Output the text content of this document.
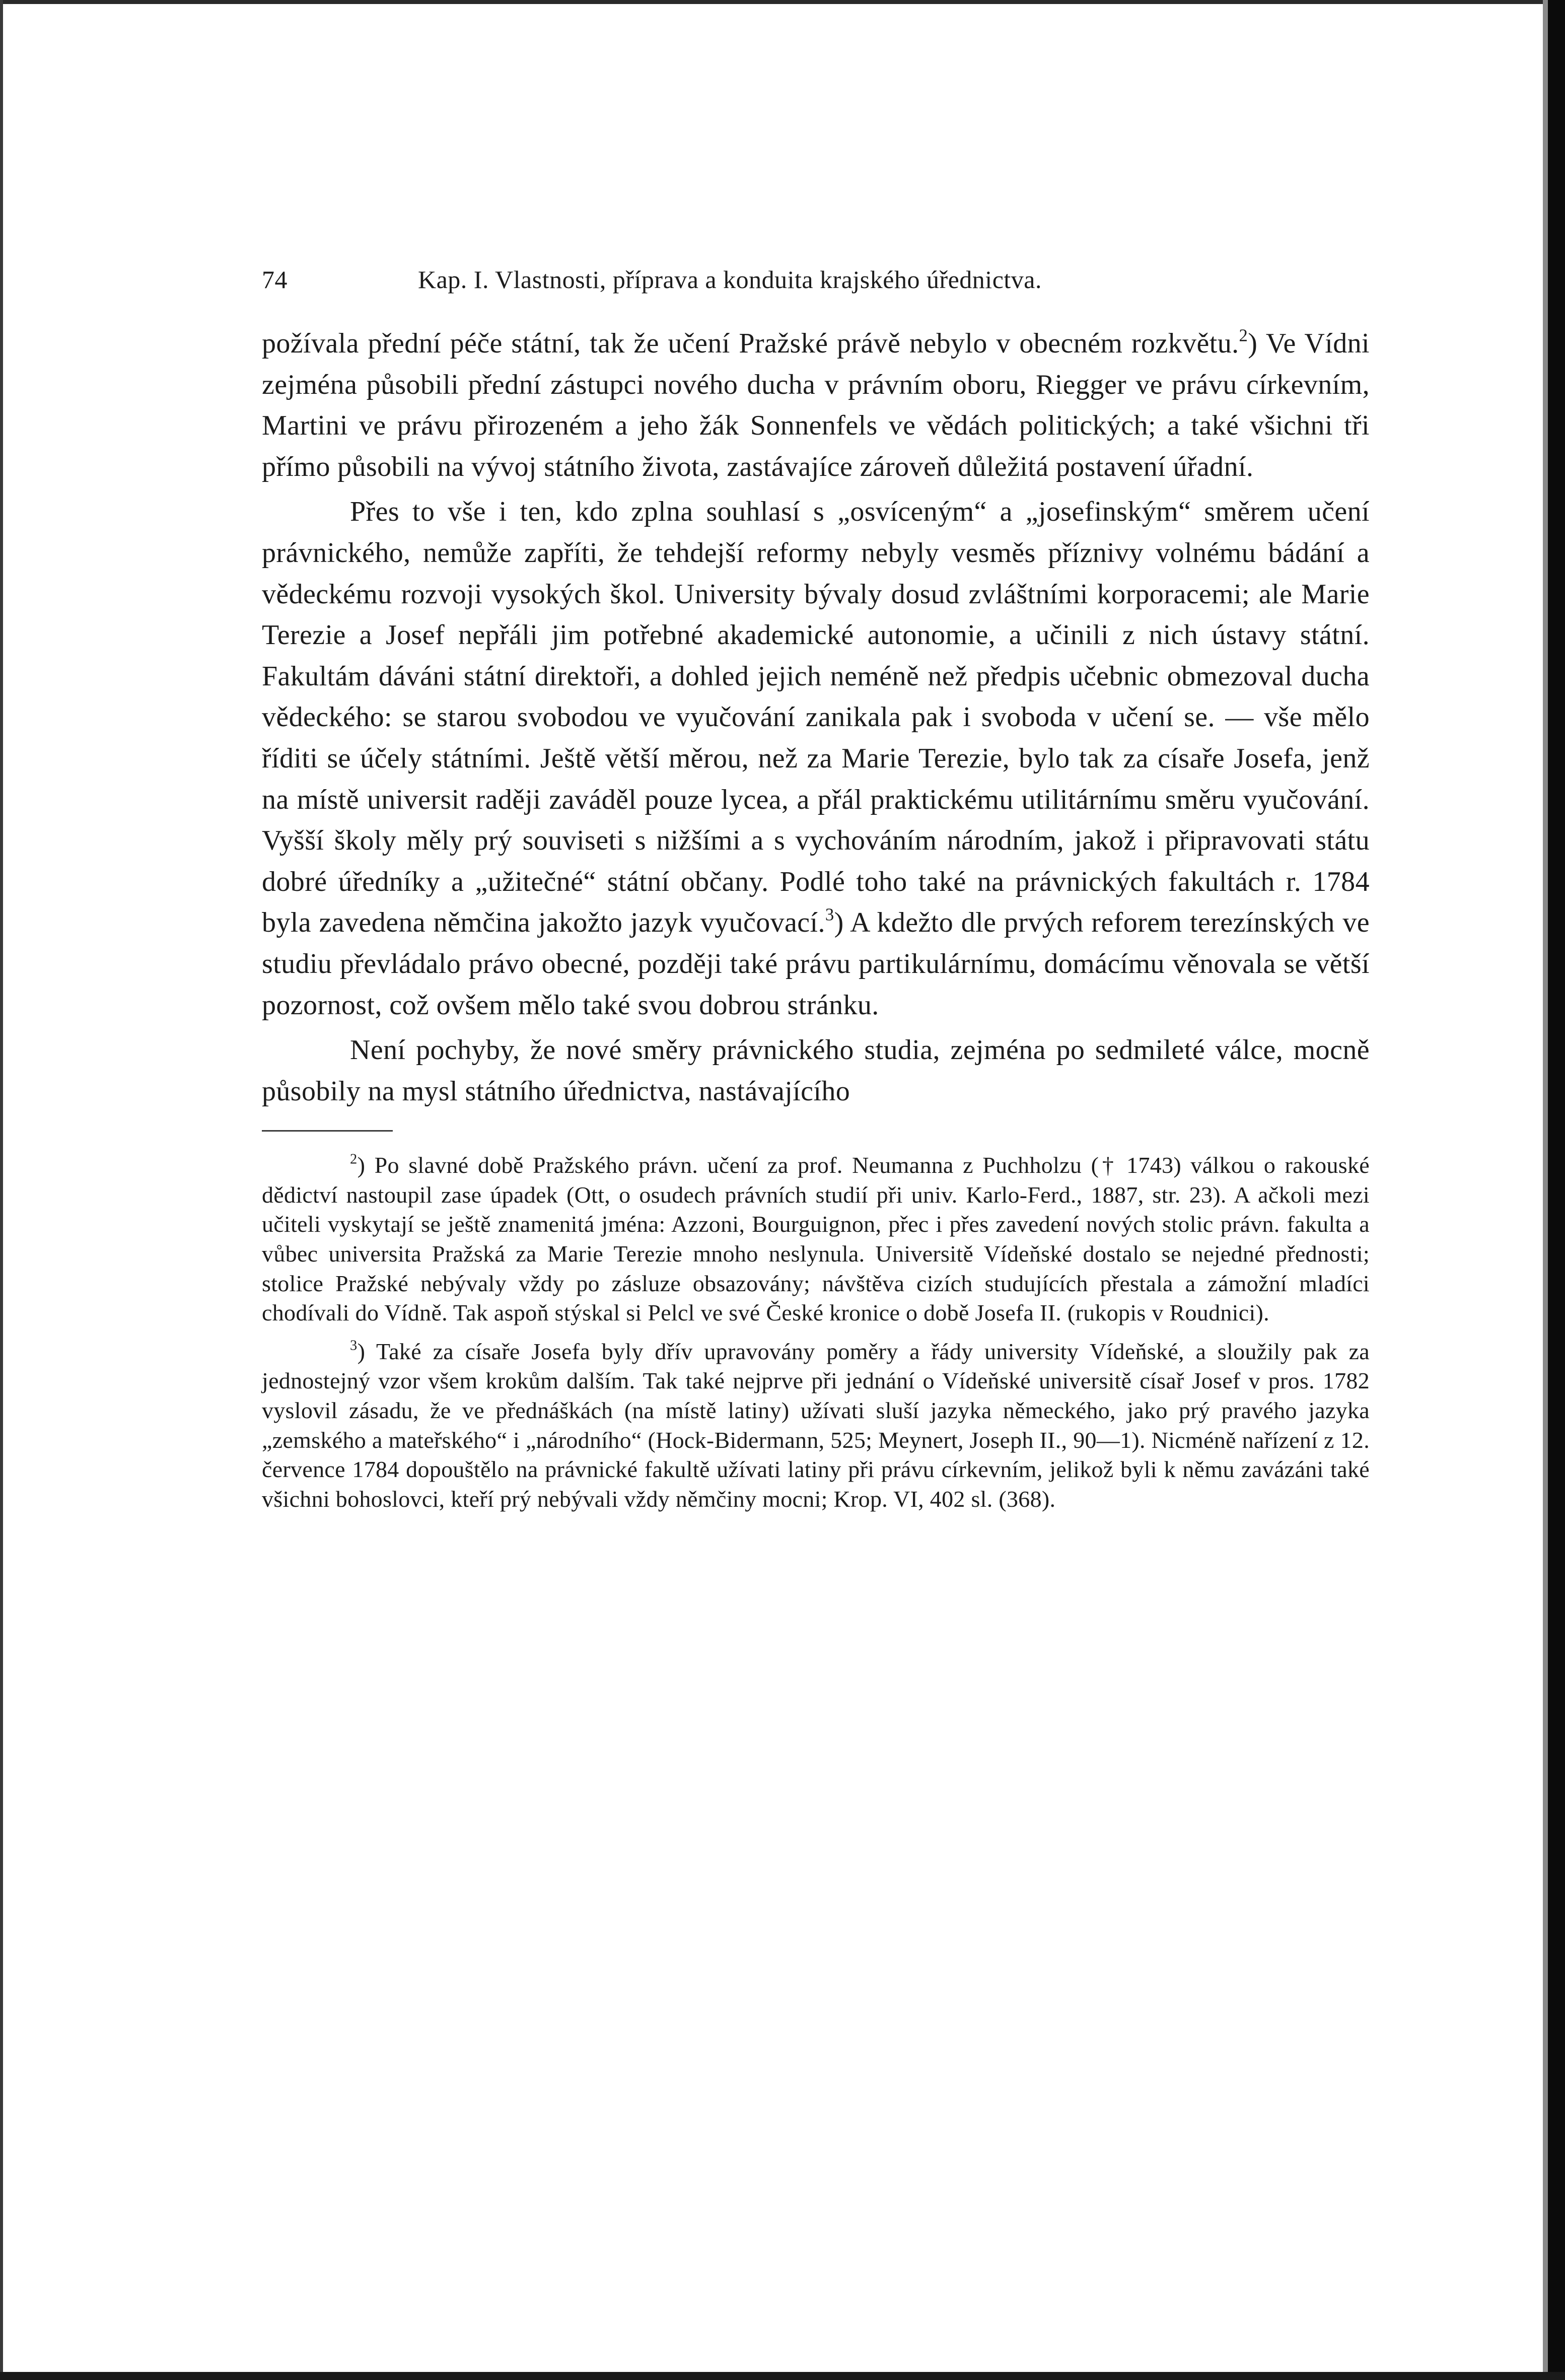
74	Kap. I. Vlastnosti, příprava a konduita krajského úřednictva.

požívala přední péče státní, tak že učení Pražské právě nebylo v obecném rozkvětu.$^2$) Ve Vídni zejména působili přední zástupci nového ducha v právním oboru, Riegger ve právu církevním, Martini ve právu přirozeném a jeho žák Sonnenfels ve vědách politických; a také všichni tři přímo působili na vývoj státního života, zastávajíce zároveň důležitá postavení úřadní.

Přes to vše i ten, kdo zplna souhlasí s „osvíceným“ a „josefinským“ směrem učení právnického, nemůže zapříti, že tehdejší reformy nebyly vesměs příznivy volnému bádání a vědeckému rozvoji vysokých škol. University bývaly dosud zvláštními korporacemi; ale Marie Terezie a Josef nepřáli jim potřebné akademické autonomie, a učinili z nich ústavy státní. Fakultám dáváni státní direktoři, a dohled jejich neméně než předpis učebnic obmezoval ducha vědeckého: se starou svobodou ve vyučování zanikala pak i svoboda v učení se. — vše mělo říditi se účely státními. Ještě větší měrou, než za Marie Terezie, bylo tak za císaře Josefa, jenž na místě universit raději zaváděl pouze lycea, a přál praktickému utilitárnímu směru vyučování. Vyšší školy měly prý souviseti s nižšími a s vychováním národním, jakož i připravovati státu dobré úředníky a „užitečné“ státní občany. Podlé toho také na právnických fakultách r. 1784 byla zavedena němčina jakožto jazyk vyučovací.$^3$) A kdežto dle prvých reforem terezínských ve studiu převládalo právo obecné, později také právu partikulárnímu, domácímu věnovala se větší pozornost, což ovšem mělo také svou dobrou stránku.

Není pochyby, že nové směry právnického studia, zejména po sedmileté válce, mocně působily na mysl státního úřednictva, nastávajícího

$^2$) Po slavné době Pražského právn. učení za prof. Neumanna z Puchholzu († 1743) válkou o rakouské dědictví nastoupil zase úpadek (Ott, o osudech právních studií při univ. Karlo-Ferd., 1887, str. 23). A ačkoli mezi učiteli vyskytají se ještě znamenitá jména: Azzoni, Bourguignon, přec i přes zavedení nových stolic právn. fakulta a vůbec universita Pražská za Marie Terezie mnoho neslynula. Universitě Vídeňské dostalo se nejedné přednosti; stolice Pražské nebývaly vždy po zásluze obsazovány; návštěva cizích studujících přestala a zámožní mladíci chodívali do Vídně. Tak aspoň stýskal si Pelcl ve své České kronice o době Josefa II. (rukopis v Roudnici).

$^3$) Také za císaře Josefa byly dřív upravovány poměry a řády university Vídeňské, a sloužily pak za jednostejný vzor všem krokům dalším. Tak také nejprve při jednání o Vídeňské universitě císař Josef v pros. 1782 vyslovil zásadu, že ve přednáškách (na místě latiny) užívati sluší jazyka německého, jako prý pravého jazyka „zemského a mateřského“ i „národního“ (Hock-Bidermann, 525; Meynert, Joseph II., 90—1). Nicméně nařízení z 12. července 1784 dopouštělo na právnické fakultě užívati latiny při právu církevním, jelikož byli k němu zavázáni také všichni bohoslovci, kteří prý nebývali vždy němčiny mocni; Krop. VI, 402 sl. (368).
